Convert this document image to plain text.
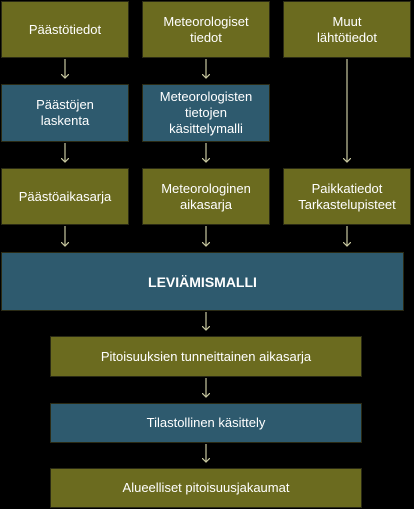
Päästötiedot
Meteorologiset
tiedot
Muut
lähtötiedot
Päästöjen
laskenta
Meteorologisten
tietojen
käsittelymalli
Päästöaikasarja
Meteorologinen
aikasarja
Paikkatiedot
Tarkastelupisteet
LEVIÄMISMALLI
Pitoisuuksien tunneittainen aikasarja
Tilastollinen käsittely
Alueelliset pitoisuusjakaumat
